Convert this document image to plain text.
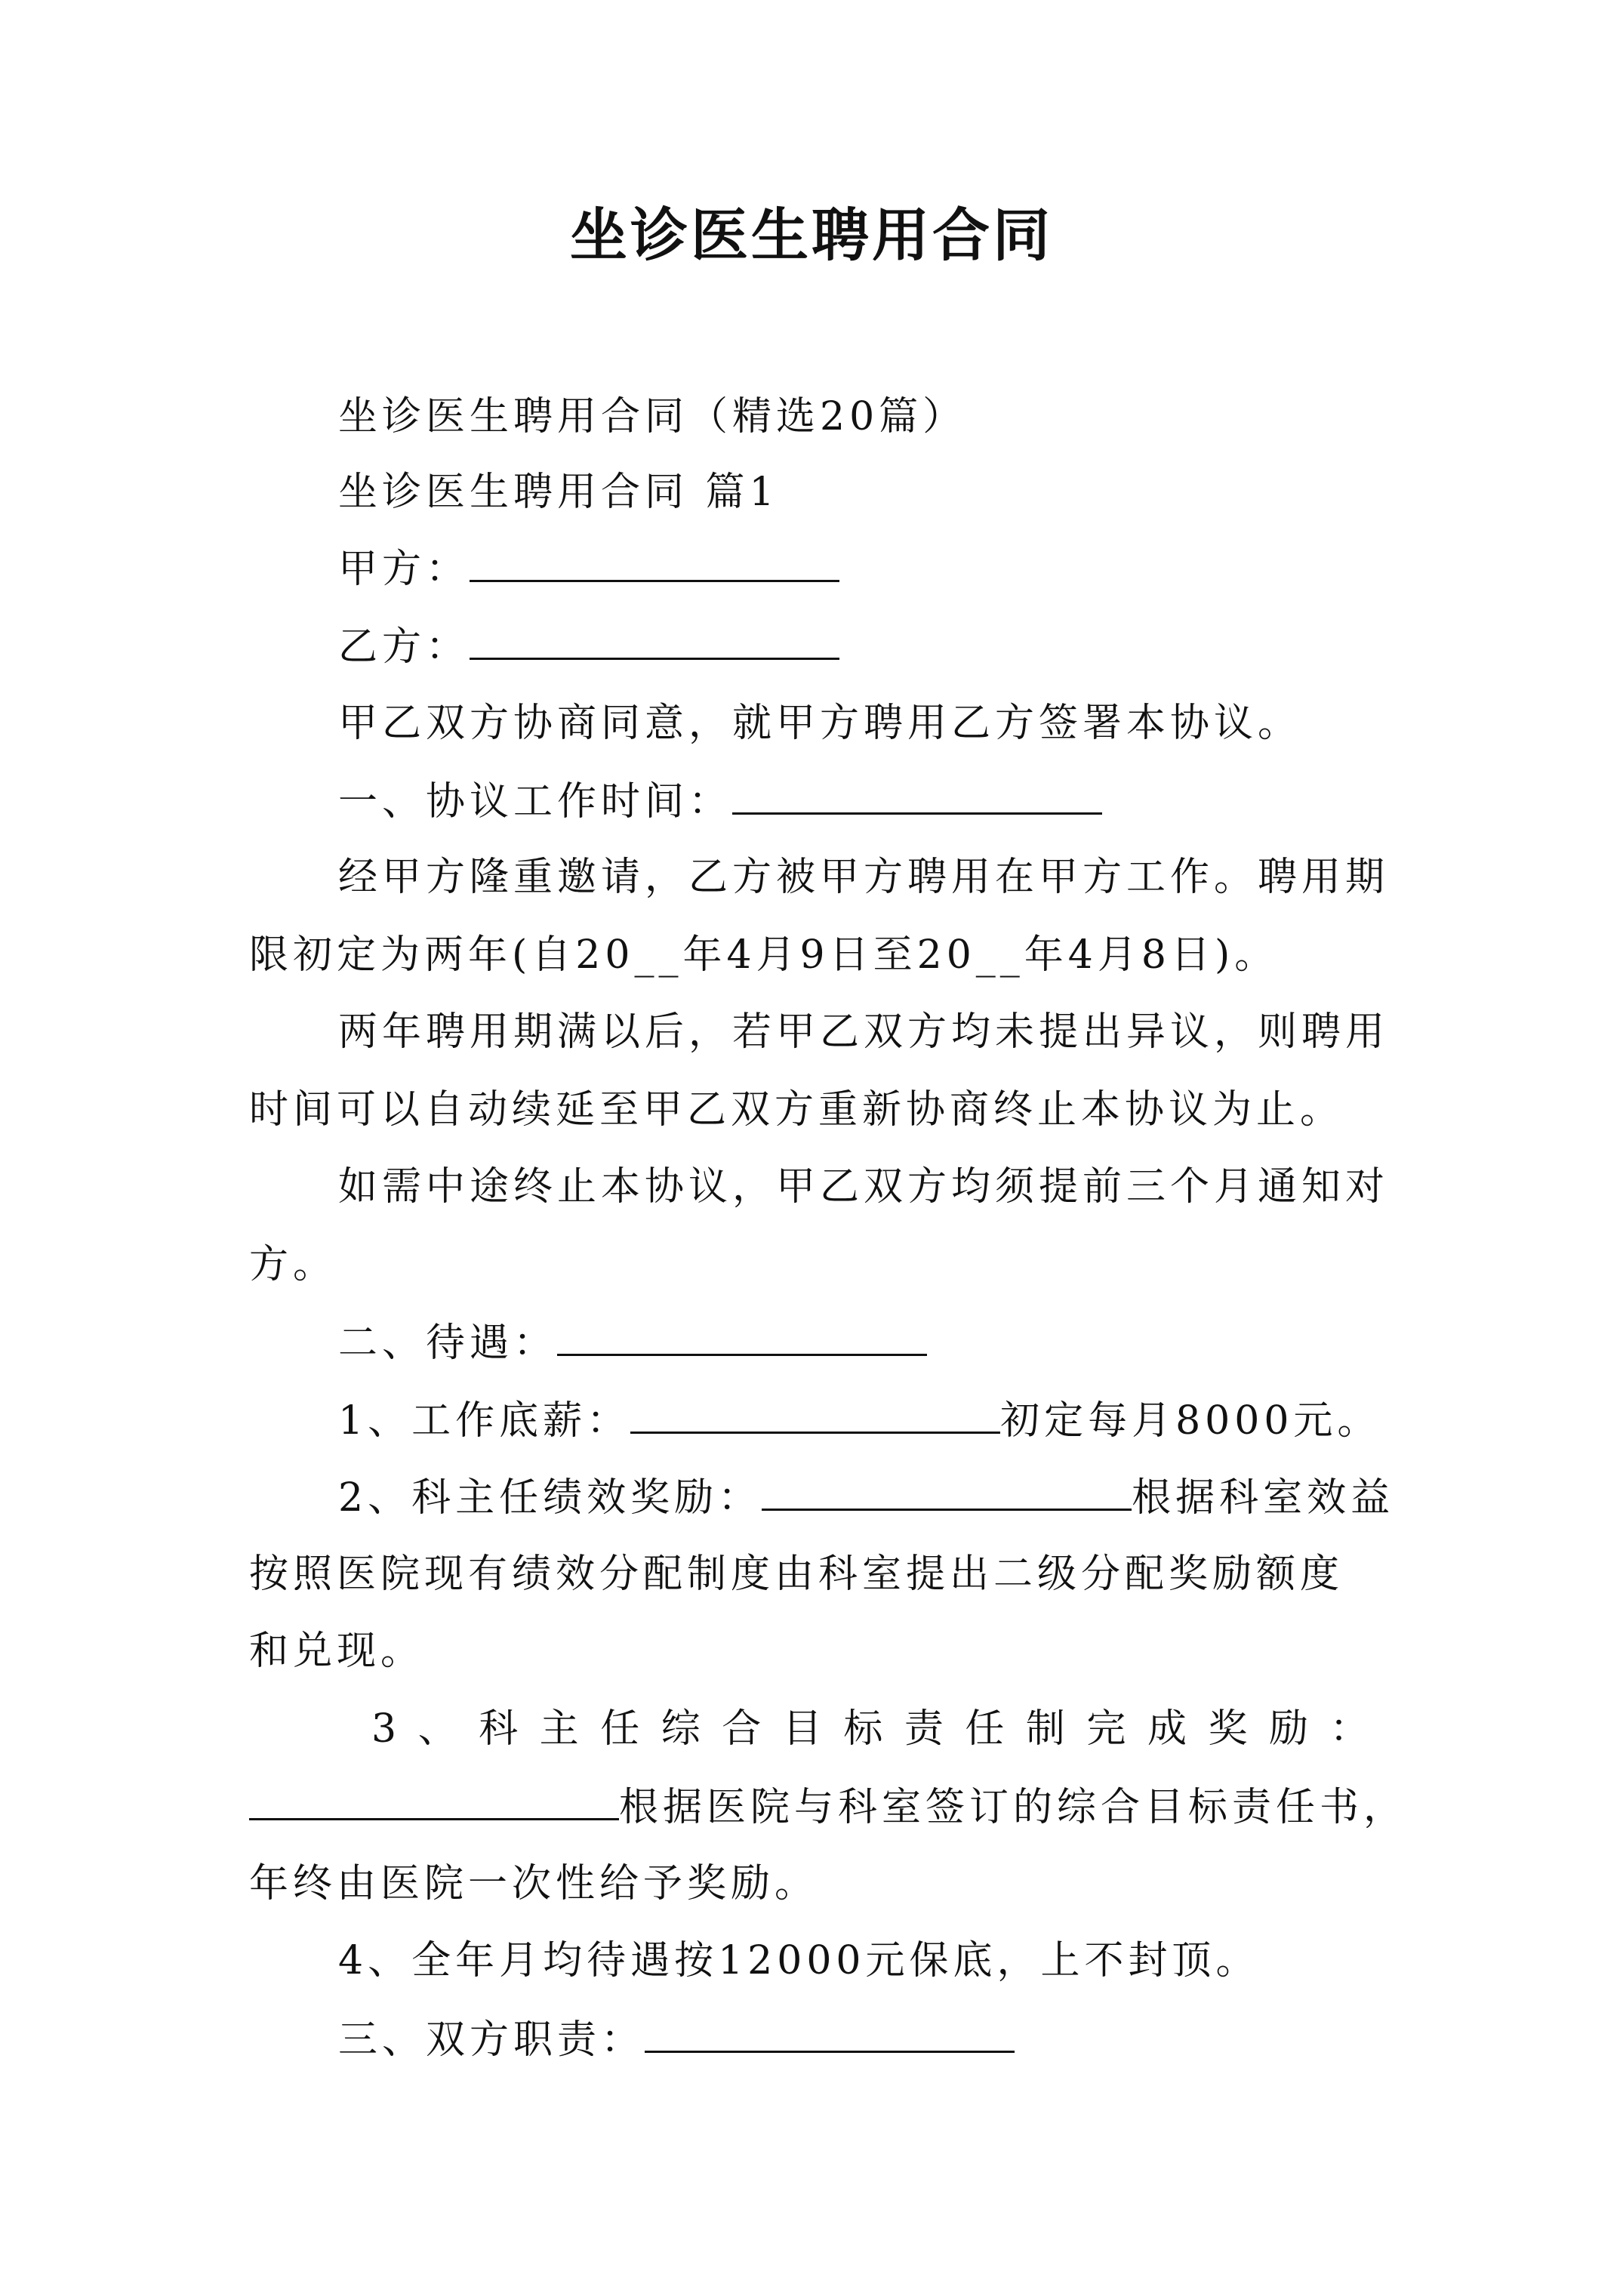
坐诊医生聘用合同
坐诊医生聘用合同（精选20篇）
坐诊医生聘用合同 篇1
甲方：
乙方：
甲乙双方协商同意，就甲方聘用乙方签署本协议。
一、协议工作时间：
经甲方隆重邀请，乙方被甲方聘用在甲方工作。聘用期
限初定为两年(自20__年4月9日至20__年4月8日)。
两年聘用期满以后，若甲乙双方均未提出异议，则聘用
时间可以自动续延至甲乙双方重新协商终止本协议为止。
如需中途终止本协议，甲乙双方均须提前三个月通知对
方。
二、待遇：
1、工作底薪：	初定每月8000元。
2、科主任绩效奖励：	根据科室效益
按照医院现有绩效分配制度由科室提出二级分配奖励额度
和兑现。
3 、 科 主 任 综 合 目 标 责 任 制 完 成 奖 励 ：
根据医院与科室签订的综合目标责任书，
年终由医院一次性给予奖励。
4、全年月均待遇按12000元保底，上不封顶。
三、双方职责：
